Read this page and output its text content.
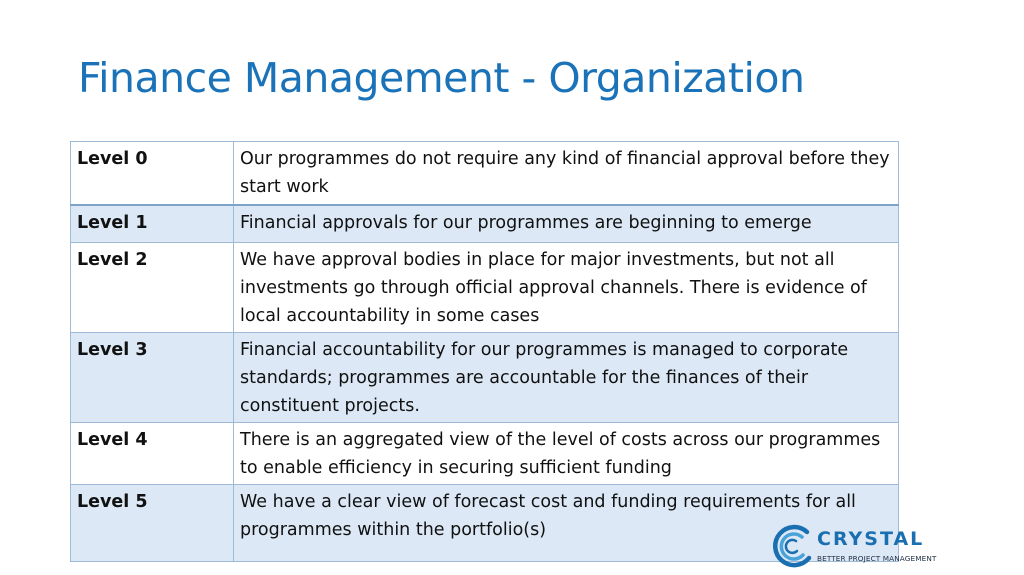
Finance Management - Organization
Level 0	Our programmes do not require any kind of financial approval before they start work
Level 1	Financial approvals for our programmes are beginning to emerge
Level 2	We have approval bodies in place for major investments, but not all investments go through official approval channels. There is evidence of local accountability in some cases
Level 3	Financial accountability for our programmes is managed to corporate standards; programmes are accountable for the finances of their constituent projects.
Level 4	There is an aggregated view of the level of costs across our programmes to enable efficiency in securing sufficient funding
Level 5	We have a clear view of forecast cost and funding requirements for all programmes within the portfolio(s)	CRYSTAL
BETTER PROJECT MANAGEMENT
